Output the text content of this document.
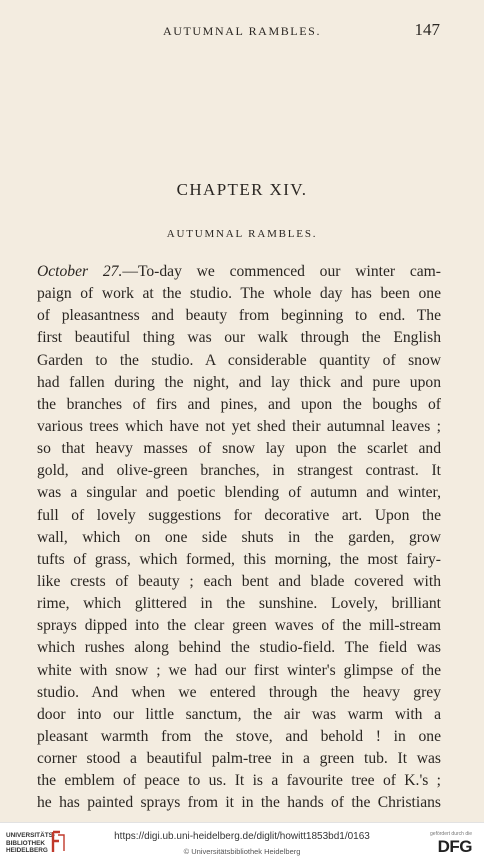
AUTUMNAL RAMBLES.	147
CHAPTER XIV.
AUTUMNAL RAMBLES.
October 27.—To-day we commenced our winter cam-
paign of work at the studio. The whole day has been one
of pleasantness and beauty from beginning to end. The
first beautiful thing was our walk through the English
Garden to the studio. A considerable quantity of snow
had fallen during the night, and lay thick and pure upon
the branches of firs and pines, and upon the boughs of
various trees which have not yet shed their autumnal leaves ;
so that heavy masses of snow lay upon the scarlet and
gold, and olive-green branches, in strangest contrast. It
was a singular and poetic blending of autumn and winter,
full of lovely suggestions for decorative art. Upon the
wall, which on one side shuts in the garden, grow
tufts of grass, which formed, this morning, the most fairy-
like crests of beauty ; each bent and blade covered with
rime, which glittered in the sunshine. Lovely, brilliant
sprays dipped into the clear green waves of the mill-stream
which rushes along behind the studio-field. The field was
white with snow ; we had our first winter's glimpse of the
studio. And when we entered through the heavy grey
door into our little sanctum, the air was warm with a
pleasant warmth from the stove, and behold ! in one
corner stood a beautiful palm-tree in a green tub. It was
the emblem of peace to us. It is a favourite tree of K.'s ;
he has painted sprays from it in the hands of the Christians
UNIVERSITÄTS-
BIBLIOTHEK
HEIDELBERG
https://digi.ub.uni-heidelberg.de/diglit/howitt1853bd1/0163
© Universitätsbibliothek Heidelberg
gefördert durch die
DFG
